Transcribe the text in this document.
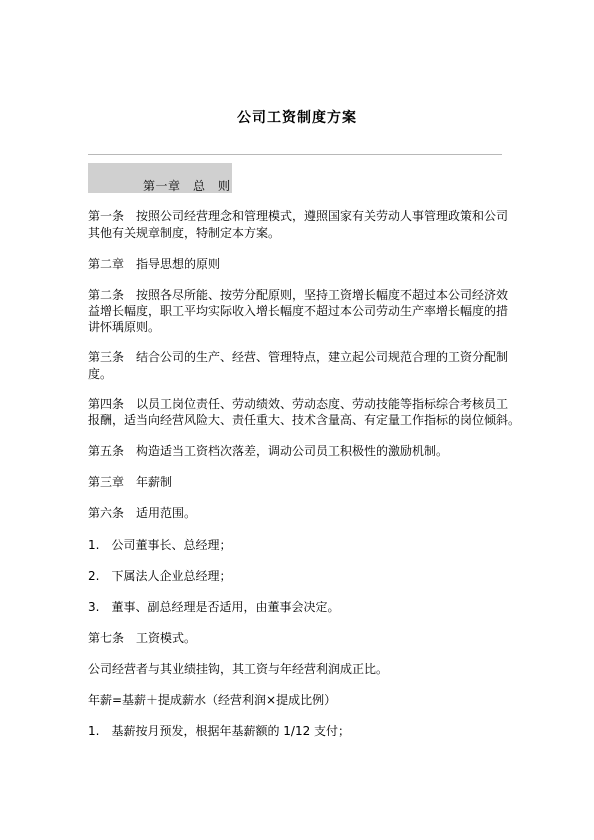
公司工资制度方案
第一章　总　则
第一条　按照公司经营理念和管理模式，遵照国家有关劳动人事管理政策和公司
其他有关规章制度，特制定本方案。
第二章　指导思想的原则
第二条　按照各尽所能、按劳分配原则，坚持工资增长幅度不超过本公司经济效
益增长幅度，职工平均实际收入增长幅度不超过本公司劳动生产率增长幅度的措
讲怀瑀原则。
第三条　结合公司的生产、经营、管理特点，建立起公司规范合理的工资分配制
度。
第四条　以员工岗位责任、劳动绩效、劳动态度、劳动技能等指标综合考核员工
报酬，适当向经营风险大、责任重大、技术含量高、有定量工作指标的岗位倾斜。
第五条　构造适当工资档次落差，调动公司员工积极性的激励机制。
第三章　年薪制
第六条　适用范围。
1.　公司董事长、总经理；
2.　下属法人企业总经理；
3.　董事、副总经理是否适用，由董事会决定。
第七条　工资模式。
公司经营者与其业绩挂钩，其工资与年经营利润成正比。
年薪=基薪＋提成薪水（经营利润×提成比例）
1.　基薪按月预发，根据年基薪额的 1/12 支付；
